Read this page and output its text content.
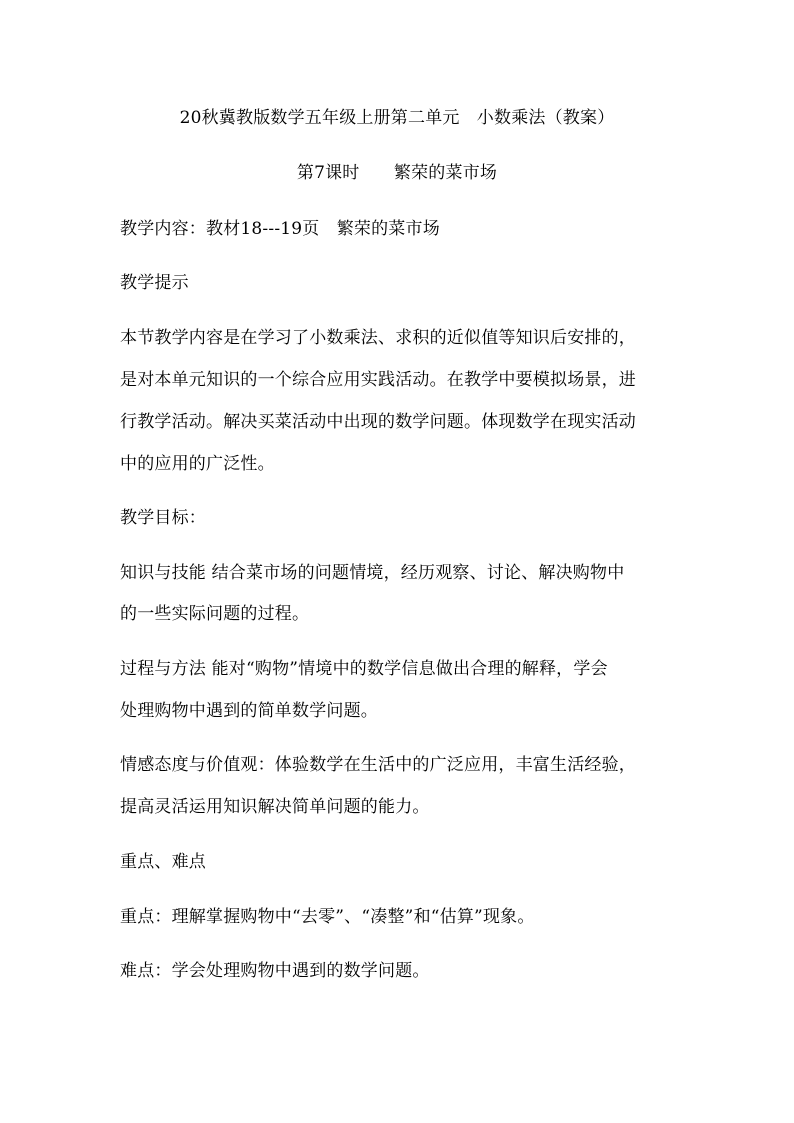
20秋冀教版数学五年级上册第二单元　小数乘法（教案）
第7课时　　繁荣的菜市场
教学内容：教材18---19页　繁荣的菜市场
教学提示
本节教学内容是在学习了小数乘法、求积的近似值等知识后安排的，
是对本单元知识的一个综合应用实践活动。在教学中要模拟场景，进
行教学活动。解决买菜活动中出现的数学问题。体现数学在现实活动
中的应用的广泛性。
教学目标：
知识与技能 结合菜市场的问题情境，经历观察、讨论、解决购物中
的一些实际问题的过程。
过程与方法 能对“购物”情境中的数学信息做出合理的解释，学会
处理购物中遇到的简单数学问题。
情感态度与价值观：体验数学在生活中的广泛应用，丰富生活经验，
提高灵活运用知识解决简单问题的能力。
重点、难点
重点：理解掌握购物中“去零”、“凑整”和“估算”现象。
难点：学会处理购物中遇到的数学问题。
